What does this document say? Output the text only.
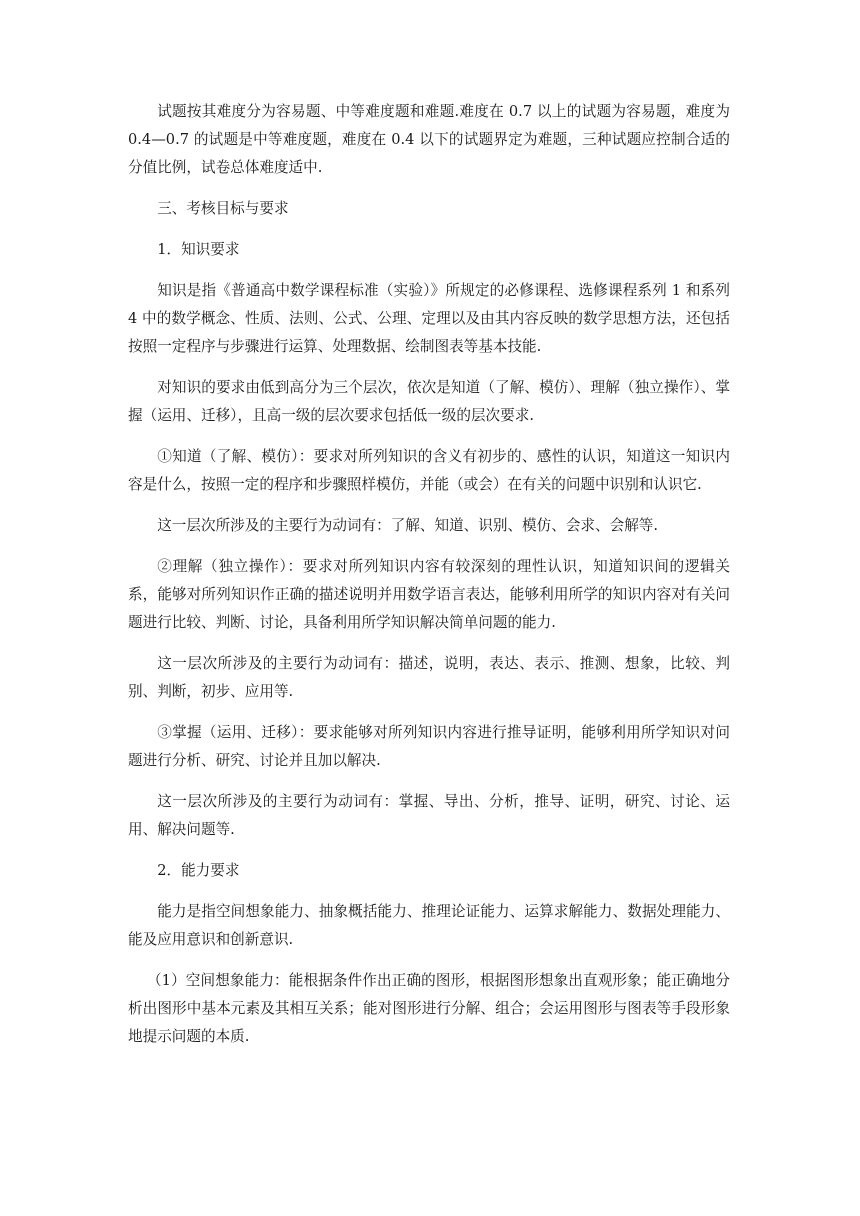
试题按其难度分为容易题、中等难度题和难题.难度在 0.7 以上的试题为容易题，难度为 0.4—0.7 的试题是中等难度题，难度在 0.4 以下的试题界定为难题，三种试题应控制合适的分值比例，试卷总体难度适中.

三、考核目标与要求

1．知识要求

知识是指《普通高中数学课程标准（实验）》所规定的必修课程、选修课程系列 1 和系列 4 中的数学概念、性质、法则、公式、公理、定理以及由其内容反映的数学思想方法，还包括按照一定程序与步骤进行运算、处理数据、绘制图表等基本技能.

对知识的要求由低到高分为三个层次，依次是知道（了解、模仿）、理解（独立操作）、掌握（运用、迁移），且高一级的层次要求包括低一级的层次要求.

①知道（了解、模仿）：要求对所列知识的含义有初步的、感性的认识，知道这一知识内容是什么，按照一定的程序和步骤照样模仿，并能（或会）在有关的问题中识别和认识它.

这一层次所涉及的主要行为动词有：了解、知道、识别、模仿、会求、会解等.

②理解（独立操作）：要求对所列知识内容有较深刻的理性认识，知道知识间的逻辑关系，能够对所列知识作正确的描述说明并用数学语言表达，能够利用所学的知识内容对有关问题进行比较、判断、讨论，具备利用所学知识解决简单问题的能力.

这一层次所涉及的主要行为动词有：描述，说明，表达、表示、推测、想象，比较、判别、判断，初步、应用等.

③掌握（运用、迁移）：要求能够对所列知识内容进行推导证明，能够利用所学知识对问题进行分析、研究、讨论并且加以解决.

这一层次所涉及的主要行为动词有：掌握、导出、分析，推导、证明，研究、讨论、运用、解决问题等.

2．能力要求

能力是指空间想象能力、抽象概括能力、推理论证能力、运算求解能力、数据处理能力、能及应用意识和创新意识.

（1）空间想象能力：能根据条件作出正确的图形，根据图形想象出直观形象；能正确地分析出图形中基本元素及其相互关系；能对图形进行分解、组合；会运用图形与图表等手段形象地提示问题的本质.
